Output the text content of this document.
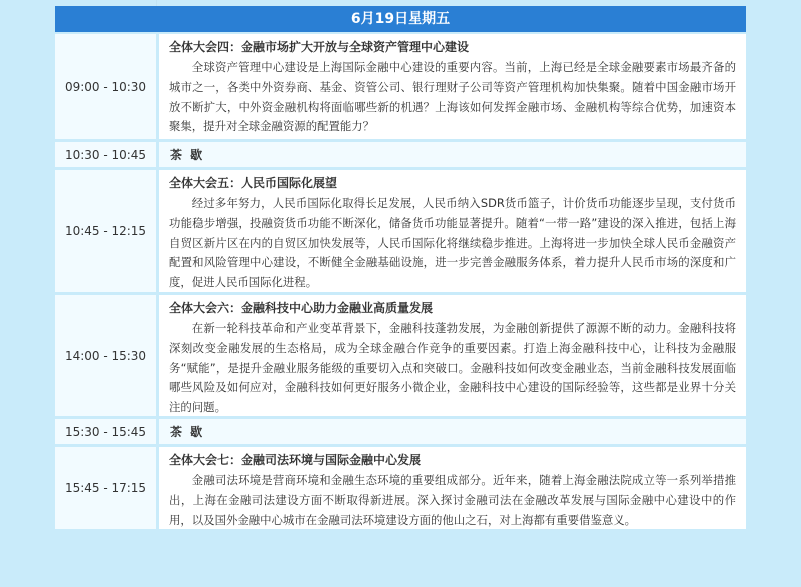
6月19日星期五
09:00 - 10:30
全体大会四：金融市场扩大开放与全球资产管理中心建设
全球资产管理中心建设是上海国际金融中心建设的重要内容。当前，上海已经是全球金融要素市场最齐备的城市之一，各类中外资券商、基金、资管公司、银行理财子公司等资产管理机构加快集聚。随着中国金融市场开放不断扩大，中外资金融机构将面临哪些新的机遇？上海该如何发挥金融市场、金融机构等综合优势，加速资本聚集，提升对全球金融资源的配置能力？
10:30 - 10:45	茶 歇
10:45 - 12:15
全体大会五：人民币国际化展望
经过多年努力，人民币国际化取得长足发展，人民币纳入SDR货币篮子，计价货币功能逐步呈现，支付货币功能稳步增强，投融资货币功能不断深化，储备货币功能显著提升。随着“一带一路”建设的深入推进，包括上海自贸区新片区在内的自贸区加快发展等，人民币国际化将继续稳步推进。上海将进一步加快全球人民币金融资产配置和风险管理中心建设，不断健全金融基础设施，进一步完善金融服务体系，着力提升人民币市场的深度和广度，促进人民币国际化进程。
14:00 - 15:30
全体大会六：金融科技中心助力金融业高质量发展
在新一轮科技革命和产业变革背景下，金融科技蓬勃发展，为金融创新提供了源源不断的动力。金融科技将深刻改变金融发展的生态格局，成为全球金融合作竞争的重要因素。打造上海金融科技中心，让科技为金融服务“赋能”，是提升金融业服务能级的重要切入点和突破口。金融科技如何改变金融业态，当前金融科技发展面临哪些风险及如何应对，金融科技如何更好服务小微企业，金融科技中心建设的国际经验等，这些都是业界十分关注的问题。
15:30 - 15:45	茶 歇
15:45 - 17:15
全体大会七：金融司法环境与国际金融中心发展
金融司法环境是营商环境和金融生态环境的重要组成部分。近年来，随着上海金融法院成立等一系列举措推出，上海在金融司法建设方面不断取得新进展。深入探讨金融司法在金融改革发展与国际金融中心建设中的作用，以及国外金融中心城市在金融司法环境建设方面的他山之石，对上海都有重要借鉴意义。
